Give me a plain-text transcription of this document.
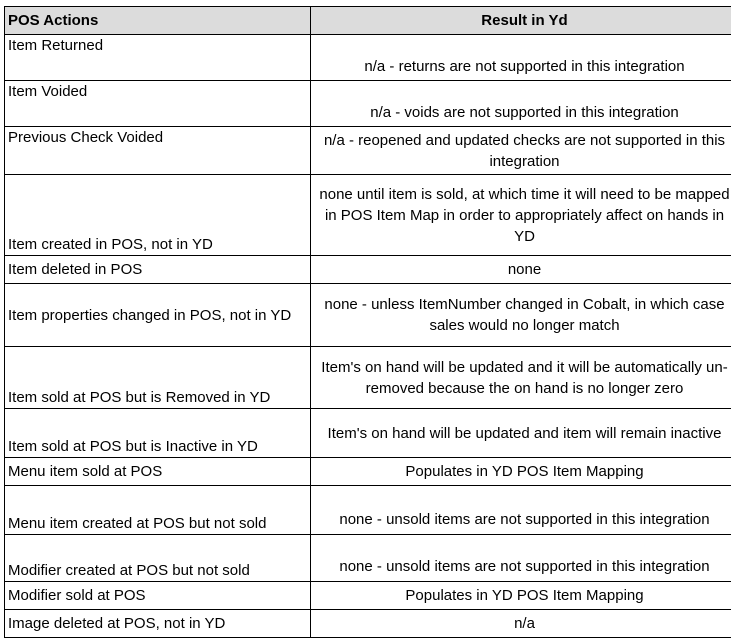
POS Actions	Result in Yd
Item Returned	n/a - returns are not supported in this integration
Item Voided	n/a - voids are not supported in this integration
Previous Check Voided	n/a - reopened and updated checks are not supported in this integration
Item created in POS, not in YD	none until item is sold, at which time it will need to be mapped in POS Item Map in order to appropriately affect on hands in YD
Item deleted in POS	none
Item properties changed in POS, not in YD	none - unless ItemNumber changed in Cobalt, in which case sales would no longer match
Item sold at POS but is Removed in YD	Item's on hand will be updated and it will be automatically un-removed because the on hand is no longer zero
Item sold at POS but is Inactive in YD	Item's on hand will be updated and item will remain inactive
Menu item sold at POS	Populates in YD POS Item Mapping
Menu item created at POS but not sold	none - unsold items are not supported in this integration
Modifier created at POS but not sold	none - unsold items are not supported in this integration
Modifier sold at POS	Populates in YD POS Item Mapping
Image deleted at POS, not in YD	n/a
